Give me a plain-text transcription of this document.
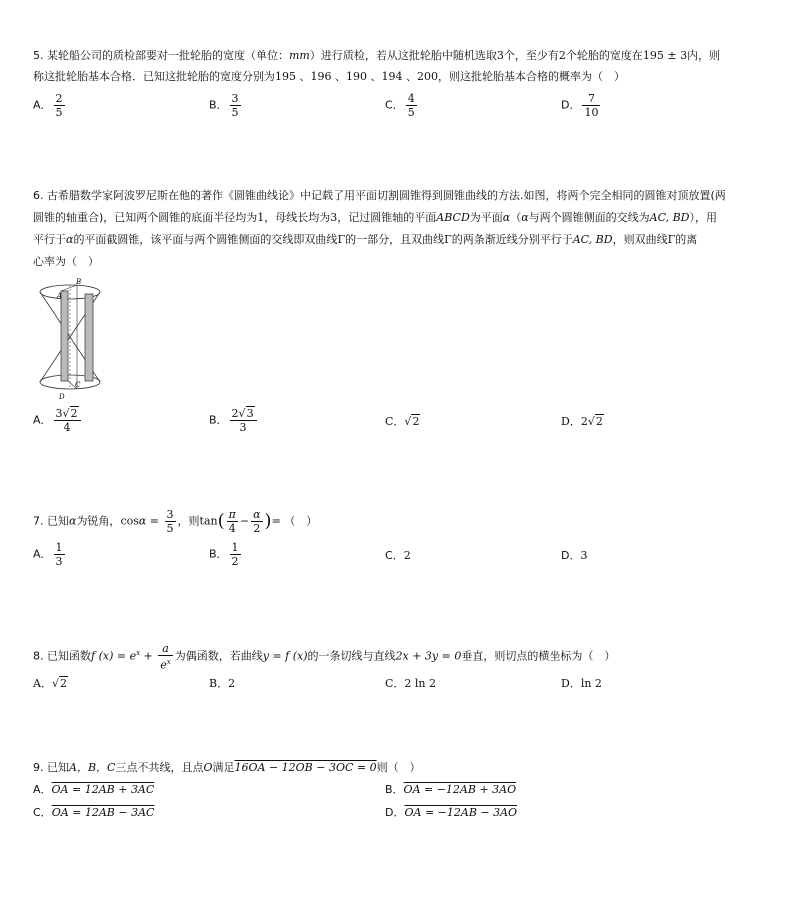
5. 某轮船公司的质检部要对一批轮胎的宽度（单位：mm）进行质检，若从这批轮胎中随机选取3个，至少有2个轮胎的宽度在195 ± 3内，则
称这批轮胎基本合格．已知这批轮胎的宽度分别为195 、196 、190 、194 、200，则这批轮胎基本合格的概率为（　）
A． $\frac{2}{5}$	B． $\frac{3}{5}$	C． $\frac{4}{5}$	D． $\frac{7}{10}$
6. 古希腊数学家阿波罗尼斯在他的著作《圆锥曲线论》中记载了用平面切割圆锥得到圆锥曲线的方法.如图，将两个完全相同的圆锥对顶放置(两
圆锥的轴重合)，已知两个圆锥的底面半径均为1，母线长均为3，记过圆锥轴的平面ABCD为平面α（α与两个圆锥侧面的交线为AC, BD），用
平行于α的平面截圆锥，该平面与两个圆锥侧面的交线即双曲线Γ的一部分，且双曲线Γ的两条渐近线分别平行于AC, BD，则双曲线Γ的离
心率为（　）
A
B
C
D
A． $\frac{3√2}{4}$	B． $\frac{2√3}{3}$	C．√2	D．2√2
7. 已知α为锐角，$\cos\alpha = \frac{3}{5}$ ，则$\tan( \frac{\pi}{4} - \frac{\alpha}{2}$ )= （　）
A． $\frac{1}{3}$	B． $\frac{1}{2}$	C．2	D．3
8. 已知函数f $(x) = e^x + \frac{a}{e^x}$ 为偶函数，若曲线y = f (x)的一条切线与直线2x + 3y = 0垂直，则切点的横坐标为（　）
A．√2	B．2	C．2 ln 2	D．ln 2
9. 已知A，B，C三点不共线，且点O满足16OA − 12OB − 3OC = 0则（　）
A．OA = 12AB + 3AC	B．OA = −12AB + 3AO
C．OA = 12AB − 3AC	D．OA = −12AB − 3AO
